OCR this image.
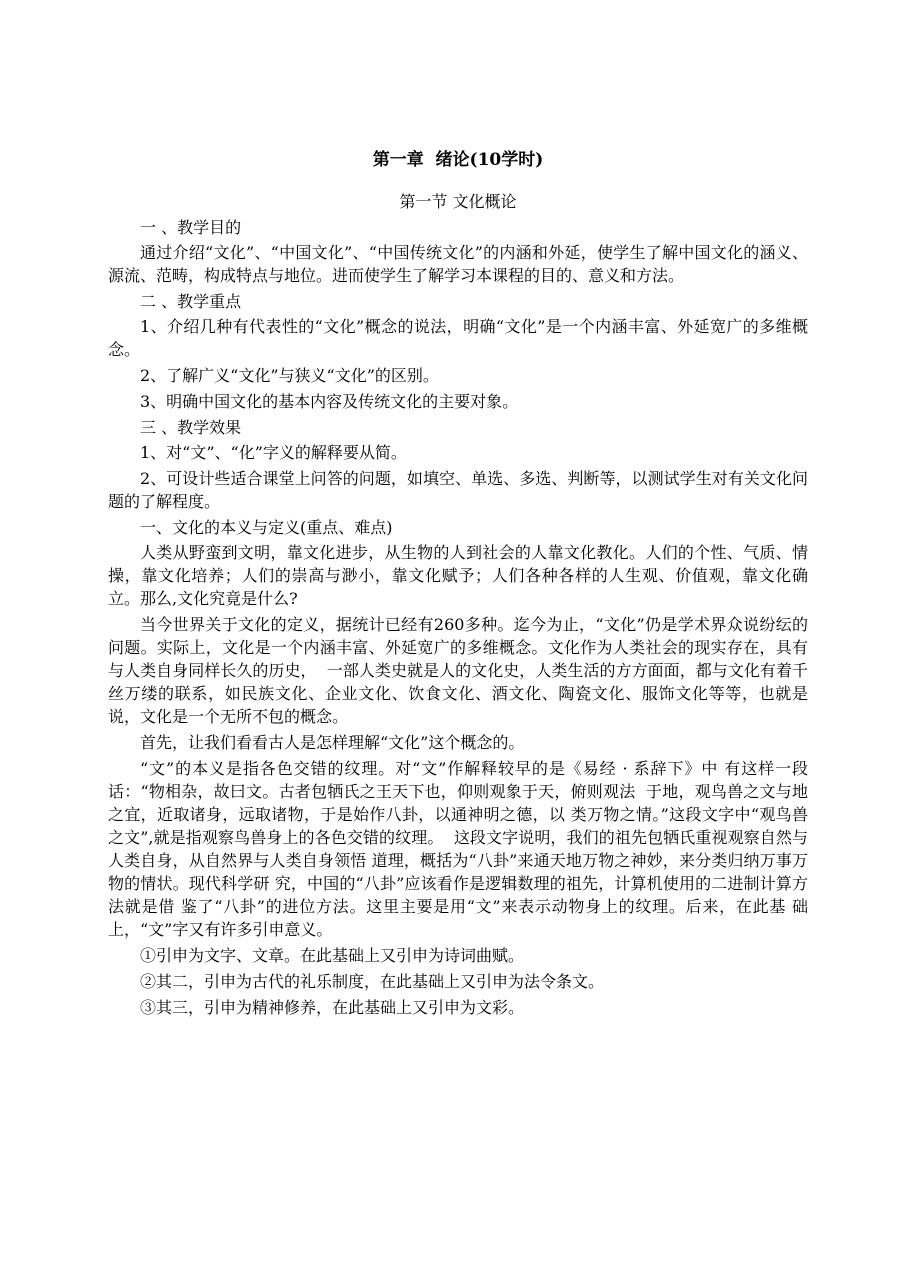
第一章  绪论(10学时)
第一节 文化概论
一 、教学目的
通过介绍“文化”、“中国文化”、“中国传统文化”的内涵和外延，使学生了解中国文化的涵义、源流、范畴，构成特点与地位。进而使学生了解学习本课程的目的、意义和方法。
二 、教学重点
1、介绍几种有代表性的“文化”概念的说法，明确“文化”是一个内涵丰富、外延宽广的多维概念。
2、了解广义“文化”与狭义“文化”的区别。
3、明确中国文化的基本内容及传统文化的主要对象。
三 、教学效果
1、对“文”、“化”字义的解释要从简。
2、可设计些适合课堂上问答的问题，如填空、单选、多选、判断等，以测试学生对有关文化问题的了解程度。
一、文化的本义与定义(重点、难点)
人类从野蛮到文明，靠文化进步，从生物的人到社会的人靠文化教化。人们的个性、气质、情操，靠文化培养；人们的崇高与渺小，靠文化赋予；人们各种各样的人生观、价值观，靠文化确立。那么,文化究竟是什么?
当今世界关于文化的定义，据统计已经有260多种。迄今为止，“文化”仍是学术界众说纷纭的问题。实际上，文化是一个内涵丰富、外延宽广的多维概念。文化作为人类社会的现实存在，具有与人类自身同样长久的历史，  一部人类史就是人的文化史，人类生活的方方面面，都与文化有着千丝万缕的联系，如民族文化、企业文化、饮食文化、酒文化、陶瓷文化、服饰文化等等，也就是说，文化是一个无所不包的概念。
首先，让我们看看古人是怎样理解“文化”这个概念的。
“文”的本义是指各色交错的纹理。对“文”作解释较早的是《易经 · 系辞下》中 有这样一段话：“物相杂，故曰文。古者包牺氏之王天下也，仰则观象于天，俯则观法  于地，观鸟兽之文与地之宜，近取诸身，远取诸物，于是始作八卦，以通神明之德，以 类万物之情。”这段文字中“观鸟兽之文”,就是指观察鸟兽身上的各色交错的纹理。  这段文字说明，我们的祖先包牺氏重视观察自然与人类自身，从自然界与人类自身领悟 道理，概括为“八卦”来通天地万物之神妙，来分类归纳万事万物的情状。现代科学研 究，中国的“八卦”应该看作是逻辑数理的祖先，计算机使用的二进制计算方法就是借 鉴了“八卦”的进位方法。这里主要是用“文”来表示动物身上的纹理。后来，在此基 础上，“文”字又有许多引申意义。
①引申为文字、文章。在此基础上又引申为诗词曲赋。
②其二，引申为古代的礼乐制度，在此基础上又引申为法令条文。
③其三，引申为精神修养，在此基础上又引申为文彩。
